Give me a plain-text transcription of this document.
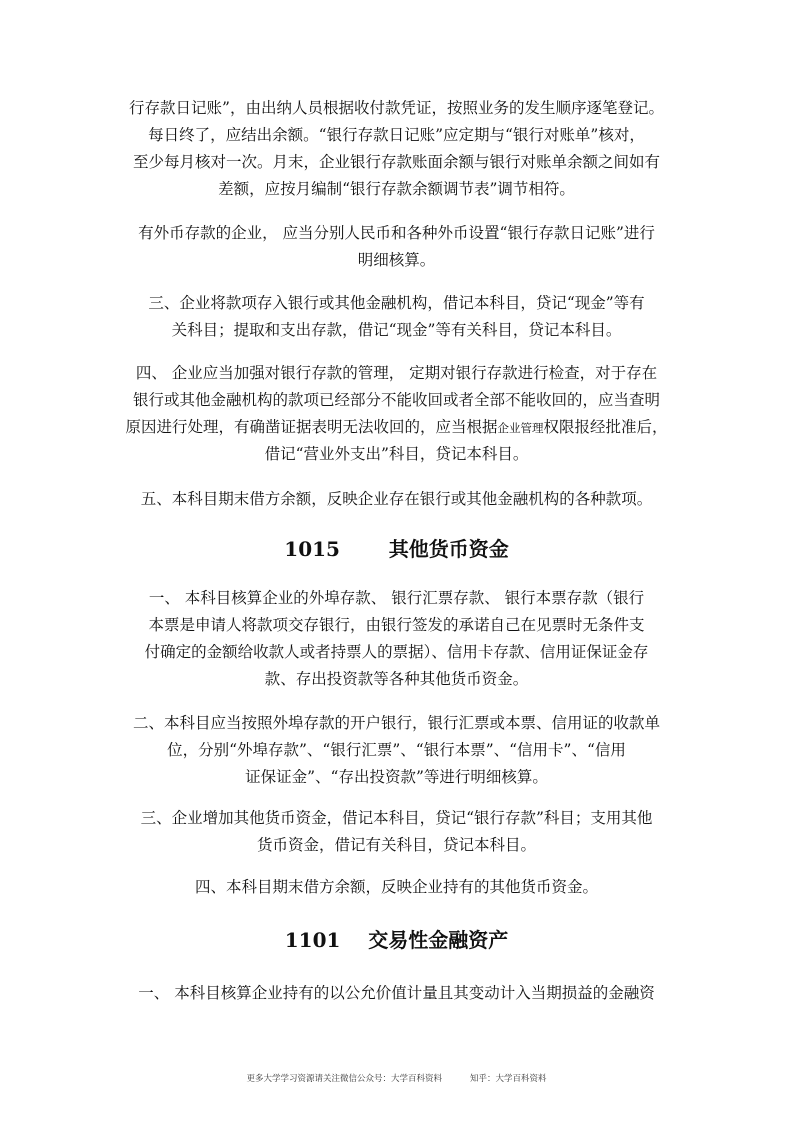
行存款日记账”，由出纳人员根据收付款凭证，按照业务的发生顺序逐笔登记。
每日终了，应结出余额。“银行存款日记账”应定期与“银行对账单”核对，
至少每月核对一次。月末，企业银行存款账面余额与银行对账单余额之间如有
差额，应按月编制“银行存款余额调节表”调节相符。
有外币存款的企业， 应当分别人民币和各种外币设置“银行存款日记账”进行
明细核算。
三、企业将款项存入银行或其他金融机构，借记本科目，贷记“现金”等有
关科目；提取和支出存款，借记“现金”等有关科目，贷记本科目。
四、 企业应当加强对银行存款的管理， 定期对银行存款进行检查，对于存在
银行或其他金融机构的款项已经部分不能收回或者全部不能收回的，应当查明
原因进行处理，有确凿证据表明无法收回的，应当根据企业管理权限报经批准后，
借记“营业外支出”科目，贷记本科目。
五、本科目期末借方余额，反映企业存在银行或其他金融机构的各种款项。
1015 其他货币资金
一、 本科目核算企业的外埠存款、 银行汇票存款、 银行本票存款（银行
本票是申请人将款项交存银行，由银行签发的承诺自己在见票时无条件支
付确定的金额给收款人或者持票人的票据）、信用卡存款、信用证保证金存
款、存出投资款等各种其他货币资金。
二、本科目应当按照外埠存款的开户银行，银行汇票或本票、信用证的收款单
位，分别“外埠存款”、“银行汇票”、“银行本票”、“信用卡”、“信用
证保证金”、“存出投资款”等进行明细核算。
三、企业增加其他货币资金，借记本科目，贷记“银行存款”科目；支用其他
货币资金，借记有关科目，贷记本科目。
四、本科目期末借方余额，反映企业持有的其他货币资金。
1101 交易性金融资产
一、 本科目核算企业持有的以公允价值计量且其变动计入当期损益的金融资
更多大学学习资源请关注微信公众号：大学百科资料	知乎：大学百科资料
